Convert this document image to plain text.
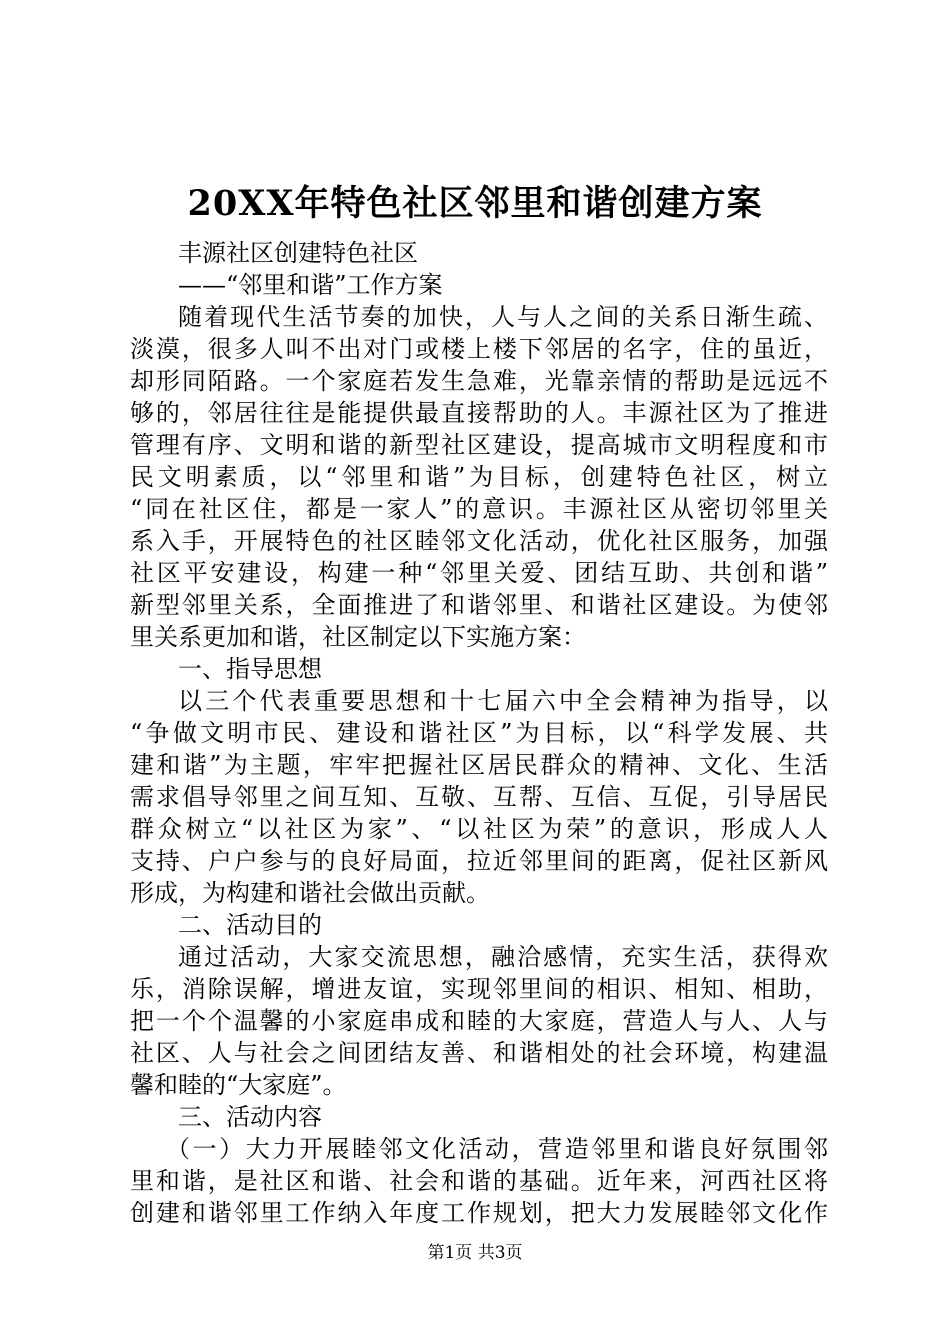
20XX年特色社区邻里和谐创建方案
丰源社区创建特色社区
——“邻里和谐”工作方案
随着现代生活节奏的加快，人与人之间的关系日渐生疏、
淡漠，很多人叫不出对门或楼上楼下邻居的名字，住的虽近，
却形同陌路。一个家庭若发生急难，光靠亲情的帮助是远远不
够的，邻居往往是能提供最直接帮助的人。丰源社区为了推进
管理有序、文明和谐的新型社区建设，提高城市文明程度和市
民文明素质，以“邻里和谐”为目标，创建特色社区，树立
“同在社区住，都是一家人”的意识。丰源社区从密切邻里关
系入手，开展特色的社区睦邻文化活动，优化社区服务，加强
社区平安建设，构建一种“邻里关爱、团结互助、共创和谐”
新型邻里关系，全面推进了和谐邻里、和谐社区建设。为使邻
里关系更加和谐，社区制定以下实施方案：
一、指导思想
以三个代表重要思想和十七届六中全会精神为指导，以
“争做文明市民、建设和谐社区”为目标，以“科学发展、共
建和谐”为主题，牢牢把握社区居民群众的精神、文化、生活
需求倡导邻里之间互知、互敬、互帮、互信、互促，引导居民
群众树立“以社区为家”、“以社区为荣”的意识，形成人人
支持、户户参与的良好局面，拉近邻里间的距离，促社区新风
形成，为构建和谐社会做出贡献。
二、活动目的
通过活动，大家交流思想，融洽感情，充实生活，获得欢
乐，消除误解，增进友谊，实现邻里间的相识、相知、相助，
把一个个温馨的小家庭串成和睦的大家庭，营造人与人、人与
社区、人与社会之间团结友善、和谐相处的社会环境，构建温
馨和睦的“大家庭”。
三、活动内容
（一）大力开展睦邻文化活动，营造邻里和谐良好氛围邻
里和谐，是社区和谐、社会和谐的基础。近年来，河西社区将
创建和谐邻里工作纳入年度工作规划，把大力发展睦邻文化作
第1页 共3页
